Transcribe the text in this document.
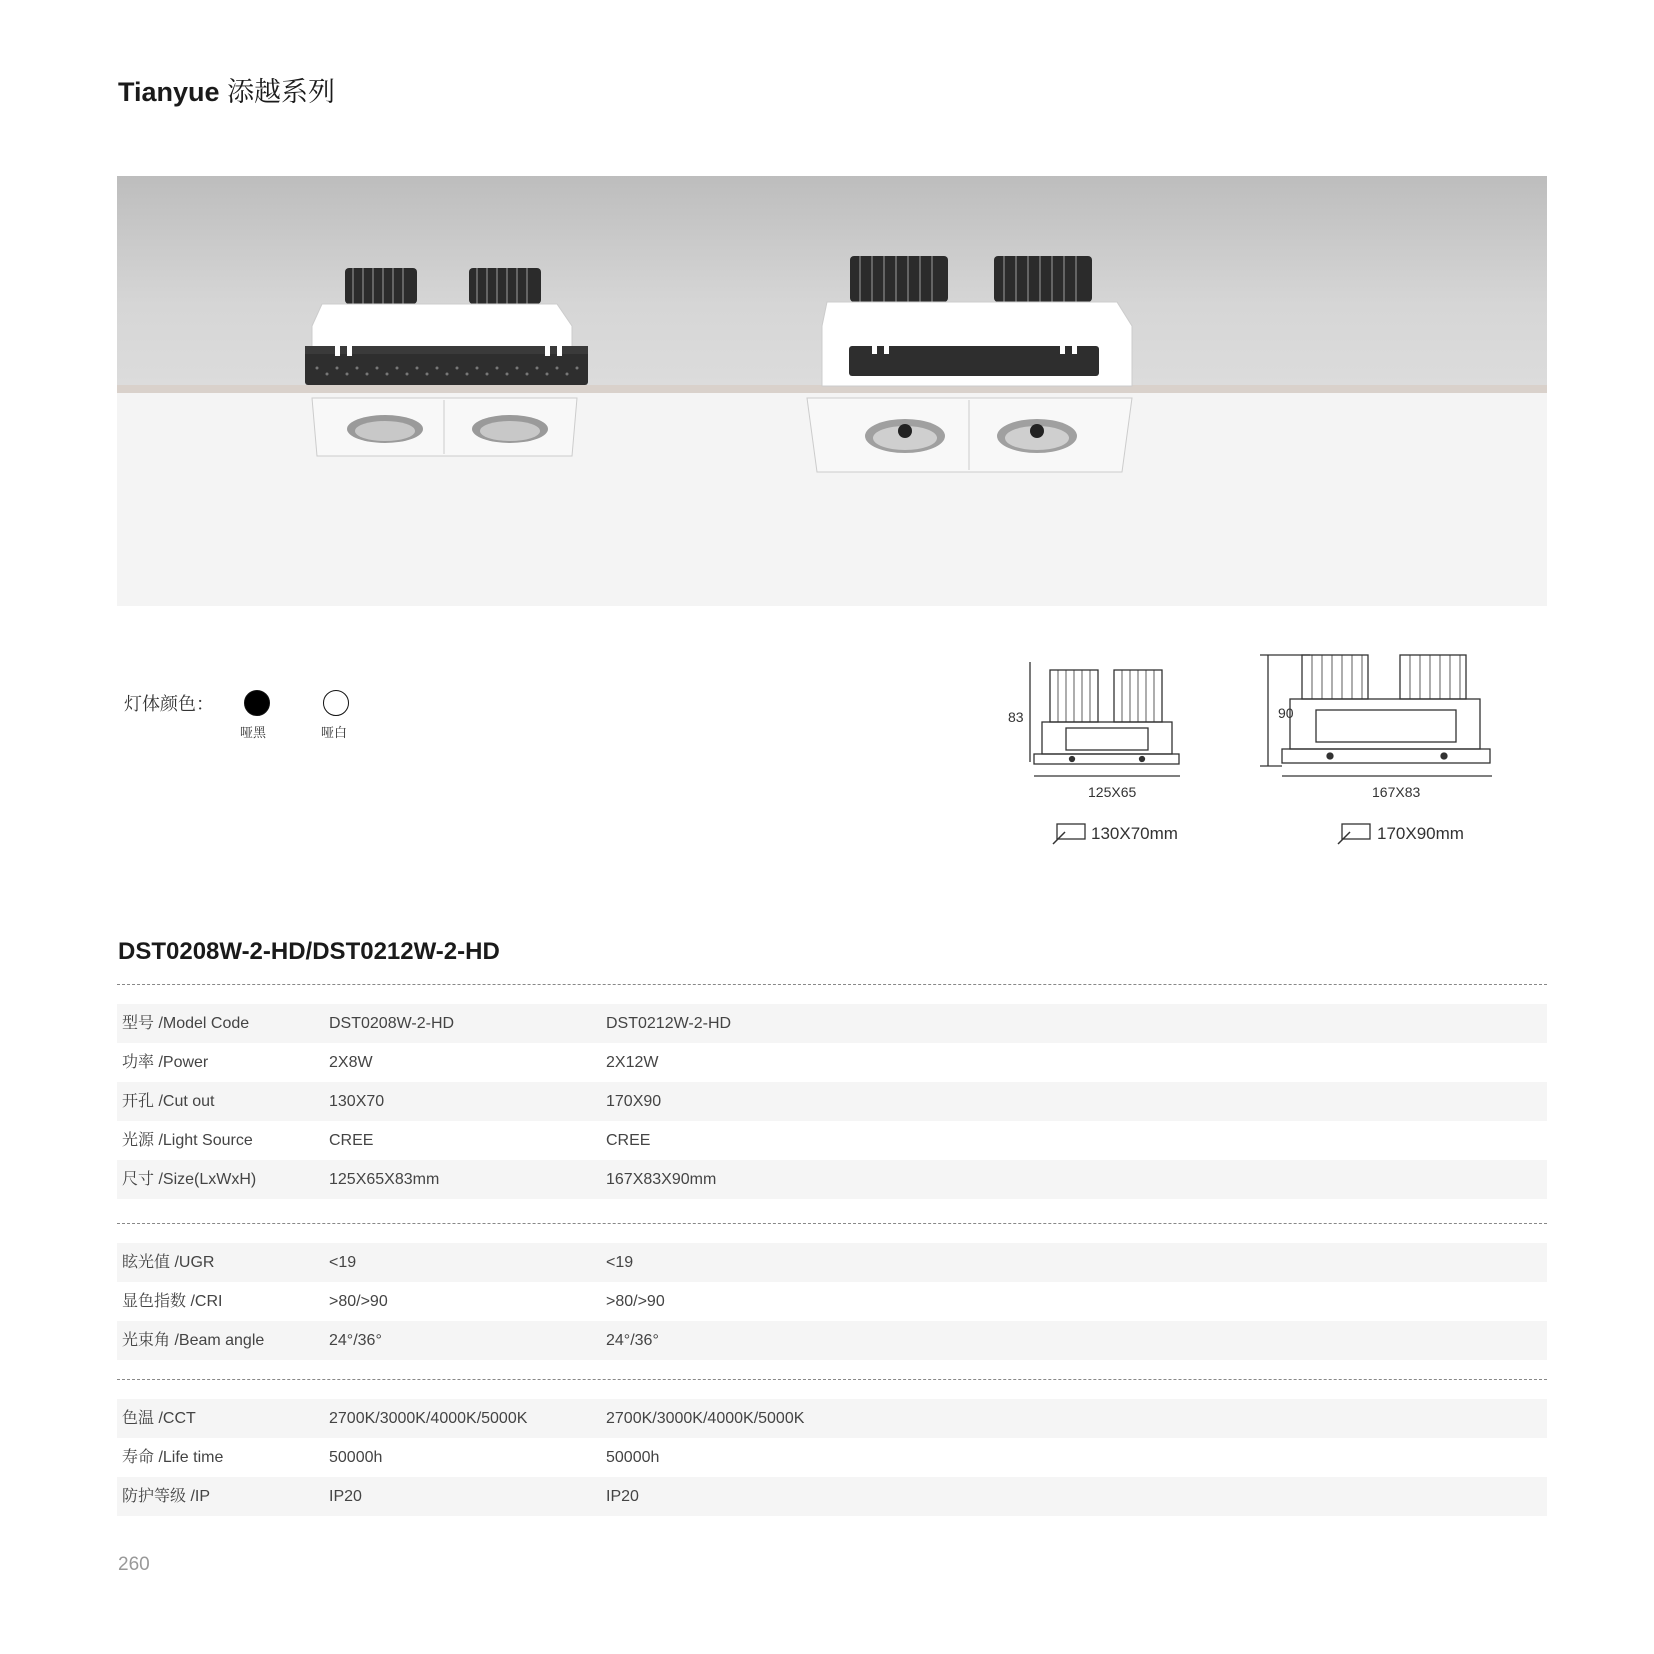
Tianyue 添越系列
灯体颜色：
哑黑	哑白
83
125X65
90
167X83
130X70mm	170X90mm
DST0208W-2-HD/DST0212W-2-HD
型号 /Model Code	DST0208W-2-HD	DST0212W-2-HD
功率 /Power	2X8W	2X12W
开孔 /Cut out	130X70	170X90
光源 /Light Source	CREE	CREE
尺寸 /Size(LxWxH)	125X65X83mm	167X83X90mm
眩光值 /UGR	<19	<19
显色指数 /CRI	>80/>90	>80/>90
光束角 /Beam angle	24°/36°	24°/36°
色温 /CCT	2700K/3000K/4000K/5000K	2700K/3000K/4000K/5000K
寿命 /Life time	50000h	50000h
防护等级 /IP	IP20	IP20
260
